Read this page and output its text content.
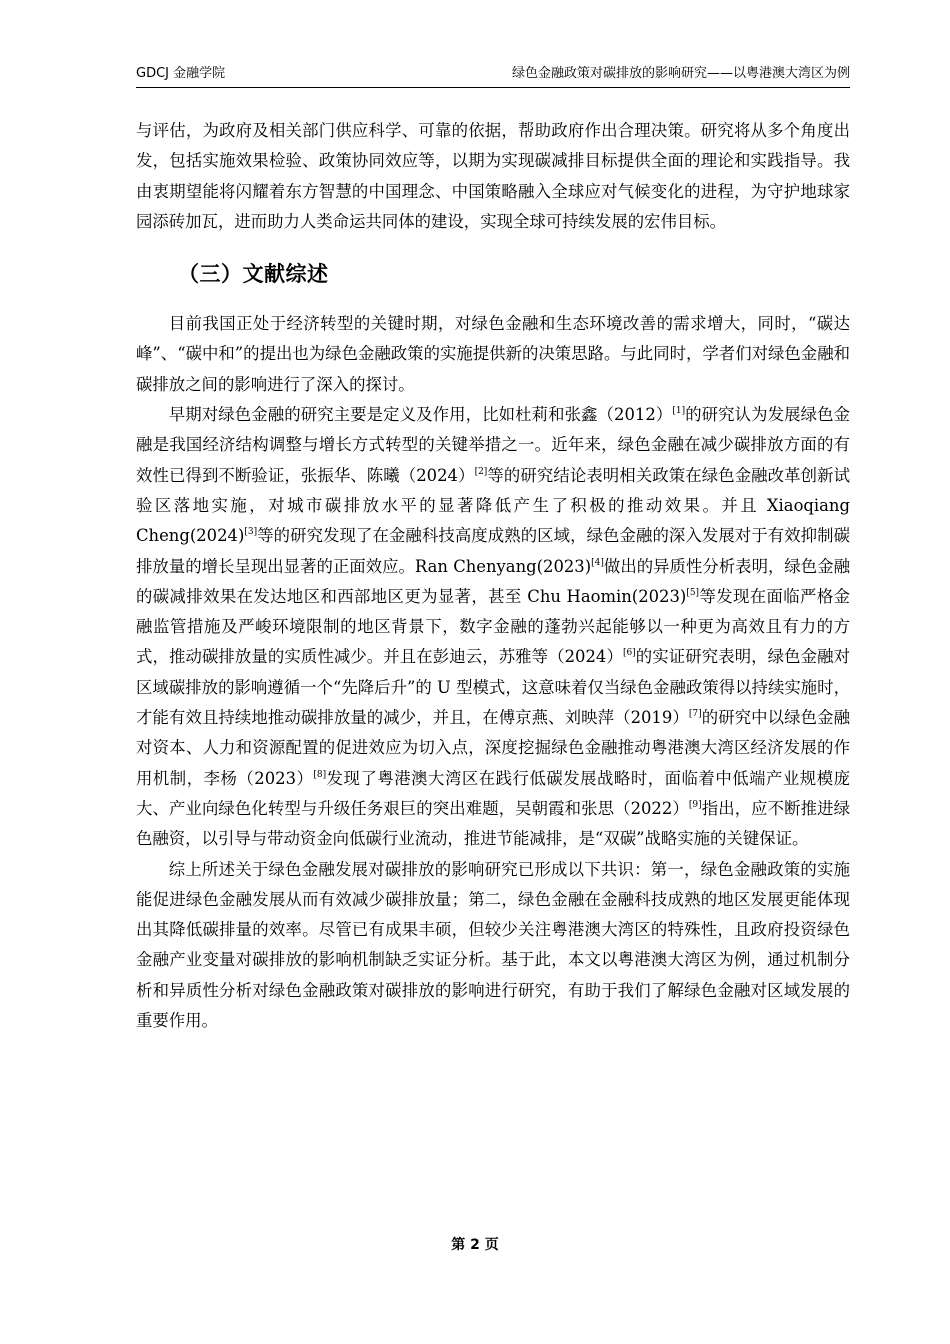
GDCJ 金融学院	绿色金融政策对碳排放的影响研究——以粤港澳大湾区为例

与评估，为政府及相关部门供应科学、可靠的依据，帮助政府作出合理决策。研究将从多个角度出发，包括实施效果检验、政策协同效应等，以期为实现碳减排目标提供全面的理论和实践指导。我由衷期望能将闪耀着东方智慧的中国理念、中国策略融入全球应对气候变化的进程，为守护地球家园添砖加瓦，进而助力人类命运共同体的建设，实现全球可持续发展的宏伟目标。

（三）文献综述

目前我国正处于经济转型的关键时期，对绿色金融和生态环境改善的需求增大，同时，“碳达峰”、“碳中和”的提出也为绿色金融政策的实施提供新的决策思路。与此同时，学者们对绿色金融和碳排放之间的影响进行了深入的探讨。

早期对绿色金融的研究主要是定义及作用，比如杜莉和张鑫（2012）[1]的研究认为发展绿色金融是我国经济结构调整与增长方式转型的关键举措之一。近年来，绿色金融在减少碳排放方面的有效性已得到不断验证，张振华、陈曦（2024）[2]等的研究结论表明相关政策在绿色金融改革创新试验区落地实施，对城市碳排放水平的显著降低产生了积极的推动效果。并且 Xiaoqiang Cheng(2024)[3]等的研究发现了在金融科技高度成熟的区域，绿色金融的深入发展对于有效抑制碳排放量的增长呈现出显著的正面效应。Ran Chenyang(2023)[4]做出的异质性分析表明，绿色金融的碳减排效果在发达地区和西部地区更为显著，甚至 Chu Haomin(2023)[5]等发现在面临严格金融监管措施及严峻环境限制的地区背景下，数字金融的蓬勃兴起能够以一种更为高效且有力的方式，推动碳排放量的实质性减少。并且在彭迪云，苏雅等（2024）[6]的实证研究表明，绿色金融对区域碳排放的影响遵循一个“先降后升”的 U 型模式，这意味着仅当绿色金融政策得以持续实施时，才能有效且持续地推动碳排放量的减少，并且，在傅京燕、刘映萍（2019）[7]的研究中以绿色金融对资本、人力和资源配置的促进效应为切入点，深度挖掘绿色金融推动粤港澳大湾区经济发展的作用机制，李杨（2023）[8]发现了粤港澳大湾区在践行低碳发展战略时，面临着中低端产业规模庞大、产业向绿色化转型与升级任务艰巨的突出难题，吴朝霞和张思（2022）[9]指出，应不断推进绿色融资，以引导与带动资金向低碳行业流动，推进节能减排，是“双碳”战略实施的关键保证。

综上所述关于绿色金融发展对碳排放的影响研究已形成以下共识：第一，绿色金融政策的实施能促进绿色金融发展从而有效减少碳排放量；第二，绿色金融在金融科技成熟的地区发展更能体现出其降低碳排量的效率。尽管已有成果丰硕，但较少关注粤港澳大湾区的特殊性，且政府投资绿色金融产业变量对碳排放的影响机制缺乏实证分析。基于此，本文以粤港澳大湾区为例，通过机制分析和异质性分析对绿色金融政策对碳排放的影响进行研究，有助于我们了解绿色金融对区域发展的重要作用。

第 2 页
